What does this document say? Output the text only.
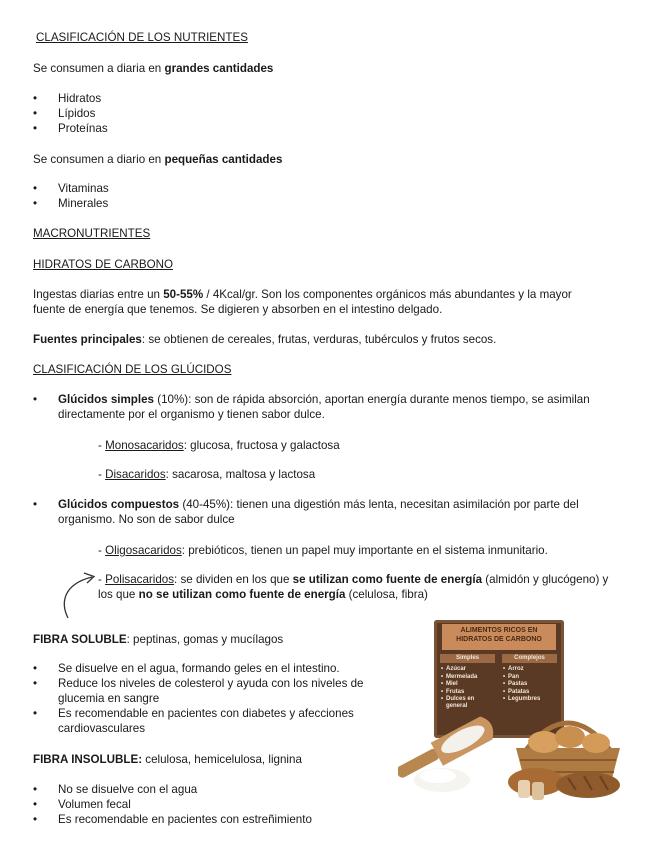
CLASIFICACIÓN DE LOS NUTRIENTES

Se consumen a diaria en grandes cantidades

• Hidratos
• Lípidos
• Proteínas

Se consumen a diario en pequeñas cantidades

• Vitaminas
• Minerales

MACRONUTRIENTES

HIDRATOS DE CARBONO

Ingestas diarias entre un 50-55% / 4Kcal/gr. Son los componentes orgánicos más abundantes y la mayor fuente de energía que tenemos. Se digieren y absorben en el intestino delgado.

Fuentes principales: se obtienen de cereales, frutas, verduras, tubérculos y frutos secos.

CLASIFICACIÓN DE LOS GLÚCIDOS

• Glúcidos simples (10%): son de rápida absorción, aportan energía durante menos tiempo, se asimilan directamente por el organismo y tienen sabor dulce.

- Monosacaridos: glucosa, fructosa y galactosa

- Disacaridos: sacarosa, maltosa y lactosa

• Glúcidos compuestos (40-45%): tienen una digestión más lenta, necesitan asimilación por parte del organismo. No son de sabor dulce

- Oligosacaridos: prebióticos, tienen un papel muy importante en el sistema inmunitario.

- Polisacaridos: se dividen en los que se utilizan como fuente de energía (almidón y glucógeno) y los que no se utilizan como fuente de energía (celulosa, fibra)

FIBRA SOLUBLE: peptinas, gomas y mucílagos

• Se disuelve en el agua, formando geles en el intestino.
• Reduce los niveles de colesterol y ayuda con los niveles de glucemia en sangre
• Es recomendable en pacientes con diabetes y afecciones cardiovasculares

FIBRA INSOLUBLE: celulosa, hemicelulosa, lignina

• No se disuelve con el agua
• Volumen fecal
• Es recomendable en pacientes con estreñimiento
ALIMENTOS RICOS EN HIDRATOS DE CARBONO
Simples
• Azúcar
• Mermelada
• Miel
• Frutas
• Dulces en general
Complejos
• Arroz
• Pan
• Pastas
• Patatas
• Legumbres
